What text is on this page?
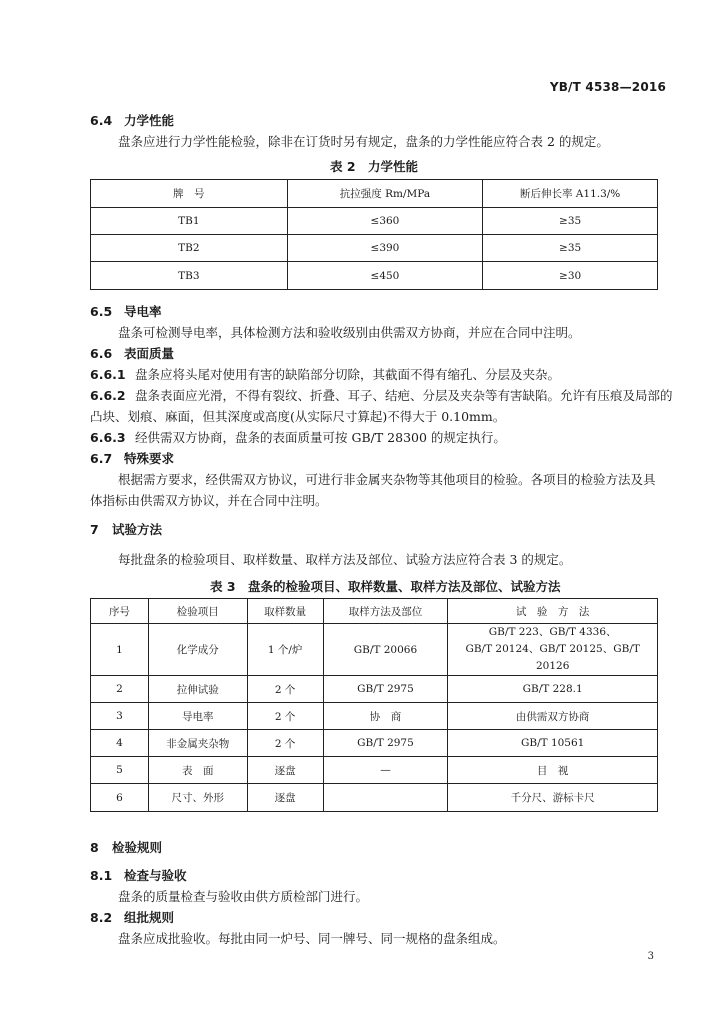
YB/T 4538—2016
6.4 力学性能
盘条应进行力学性能检验，除非在订货时另有规定，盘条的力学性能应符合表 2 的规定。
表 2　力学性能
牌　号	抗拉强度 Rm/MPa	断后伸长率 A11.3/%
TB1	≤360	≥35
TB2	≤390	≥35
TB3	≤450	≥30
6.5 导电率
盘条可检测导电率，具体检测方法和验收级别由供需双方协商，并应在合同中注明。
6.6 表面质量
6.6.1 盘条应将头尾对使用有害的缺陷部分切除，其截面不得有缩孔、分层及夹杂。
6.6.2 盘条表面应光滑，不得有裂纹、折叠、耳子、结疤、分层及夹杂等有害缺陷。允许有压痕及局部的
凸块、划痕、麻面，但其深度或高度(从实际尺寸算起)不得大于 0.10mm。
6.6.3 经供需双方协商，盘条的表面质量可按 GB/T 28300 的规定执行。
6.7 特殊要求
根据需方要求，经供需双方协议，可进行非金属夹杂物等其他项目的检验。各项目的检验方法及具
体指标由供需双方协议，并在合同中注明。
7 试验方法
每批盘条的检验项目、取样数量、取样方法及部位、试验方法应符合表 3 的规定。
表 3　盘条的检验项目、取样数量、取样方法及部位、试验方法
序号	检验项目	取样数量	取样方法及部位	试　验　方　法
1	化学成分	1 个/炉	GB/T 20066	GB/T 223、GB/T 4336、
GB/T 20124、GB/T 20125、GB/T 20126

2	拉伸试验	2 个	GB/T 2975	GB/T 228.1
3	导电率	2 个	协　商	由供需双方协商
4	非金属夹杂物	2 个	GB/T 2975	GB/T 10561
5	表　面	逐盘	—	目　视
6	尺寸、外形	逐盘		千分尺、游标卡尺
8 检验规则
8.1 检查与验收
盘条的质量检查与验收由供方质检部门进行。
8.2 组批规则
盘条应成批验收。每批由同一炉号、同一牌号、同一规格的盘条组成。
3
